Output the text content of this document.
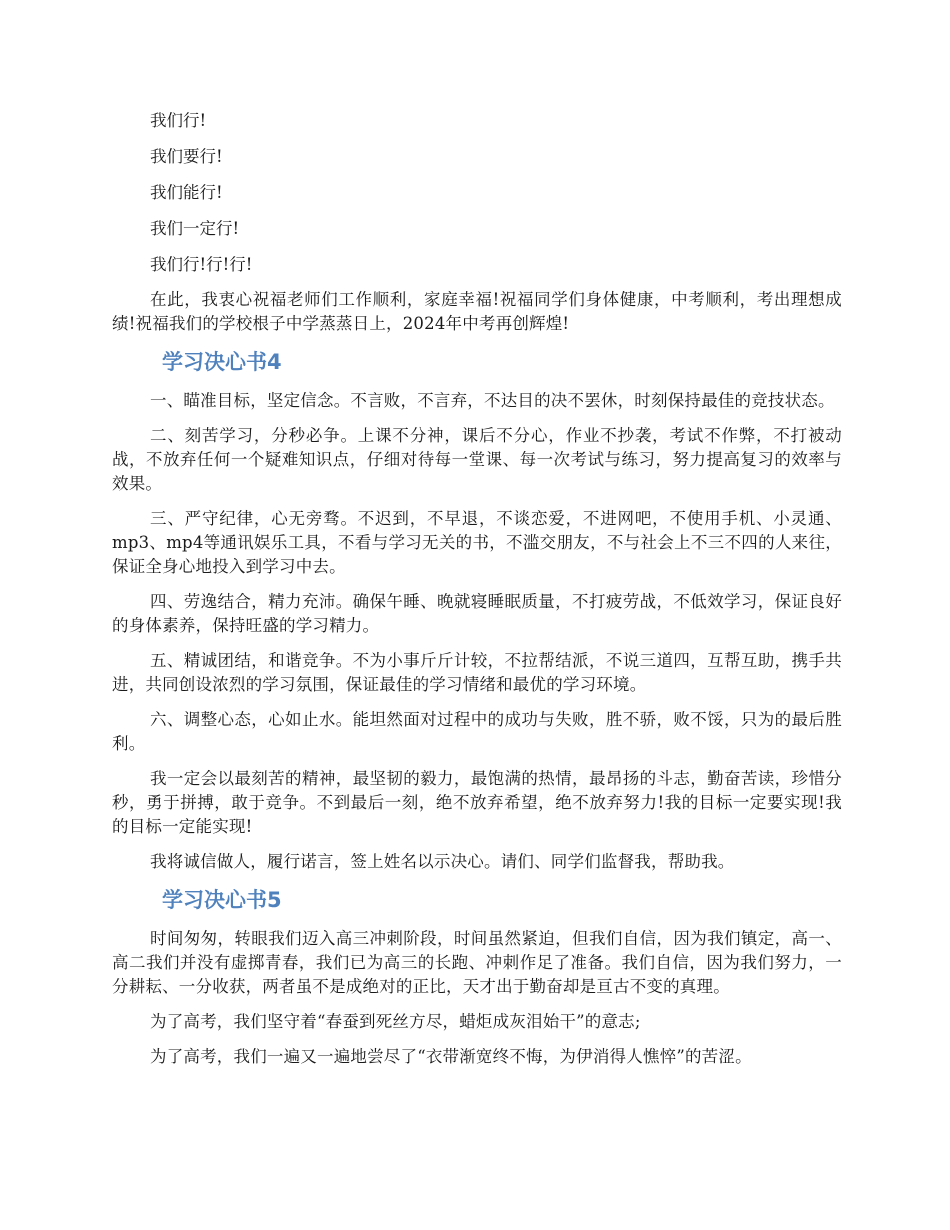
我们行!

我们要行!

我们能行!

我们一定行!

我们行!行!行!

在此，我衷心祝福老师们工作顺利，家庭幸福!祝福同学们身体健康，中考顺利，考出理想成绩!祝福我们的学校根子中学蒸蒸日上，2024年中考再创辉煌!

学习决心书4

一、瞄准目标，坚定信念。不言败，不言弃，不达目的决不罢休，时刻保持最佳的竞技状态。

二、刻苦学习，分秒必争。上课不分神，课后不分心，作业不抄袭，考试不作弊，不打被动战，不放弃任何一个疑难知识点，仔细对待每一堂课、每一次考试与练习，努力提高复习的效率与效果。

三、严守纪律，心无旁骛。不迟到，不早退，不谈恋爱，不进网吧，不使用手机、小灵通、mp3、mp4等通讯娱乐工具，不看与学习无关的书，不滥交朋友，不与社会上不三不四的人来往，保证全身心地投入到学习中去。

四、劳逸结合，精力充沛。确保午睡、晚就寝睡眠质量，不打疲劳战，不低效学习，保证良好的身体素养，保持旺盛的学习精力。

五、精诚团结，和谐竞争。不为小事斤斤计较，不拉帮结派，不说三道四，互帮互助，携手共进，共同创设浓烈的学习氛围，保证最佳的学习情绪和最优的学习环境。

六、调整心态，心如止水。能坦然面对过程中的成功与失败，胜不骄，败不馁，只为的最后胜利。

我一定会以最刻苦的精神，最坚韧的毅力，最饱满的热情，最昂扬的斗志，勤奋苦读，珍惜分秒，勇于拼搏，敢于竞争。不到最后一刻，绝不放弃希望，绝不放弃努力!我的目标一定要实现!我的目标一定能实现!

我将诚信做人，履行诺言，签上姓名以示决心。请们、同学们监督我，帮助我。

学习决心书5

时间匆匆，转眼我们迈入高三冲刺阶段，时间虽然紧迫，但我们自信，因为我们镇定，高一、高二我们并没有虚掷青春，我们已为高三的长跑、冲刺作足了准备。我们自信，因为我们努力，一分耕耘、一分收获，两者虽不是成绝对的正比，天才出于勤奋却是亘古不变的真理。

为了高考，我们坚守着“春蚕到死丝方尽，蜡炬成灰泪始干”的意志;

为了高考，我们一遍又一遍地尝尽了“衣带渐宽终不悔，为伊消得人憔悴”的苦涩。
